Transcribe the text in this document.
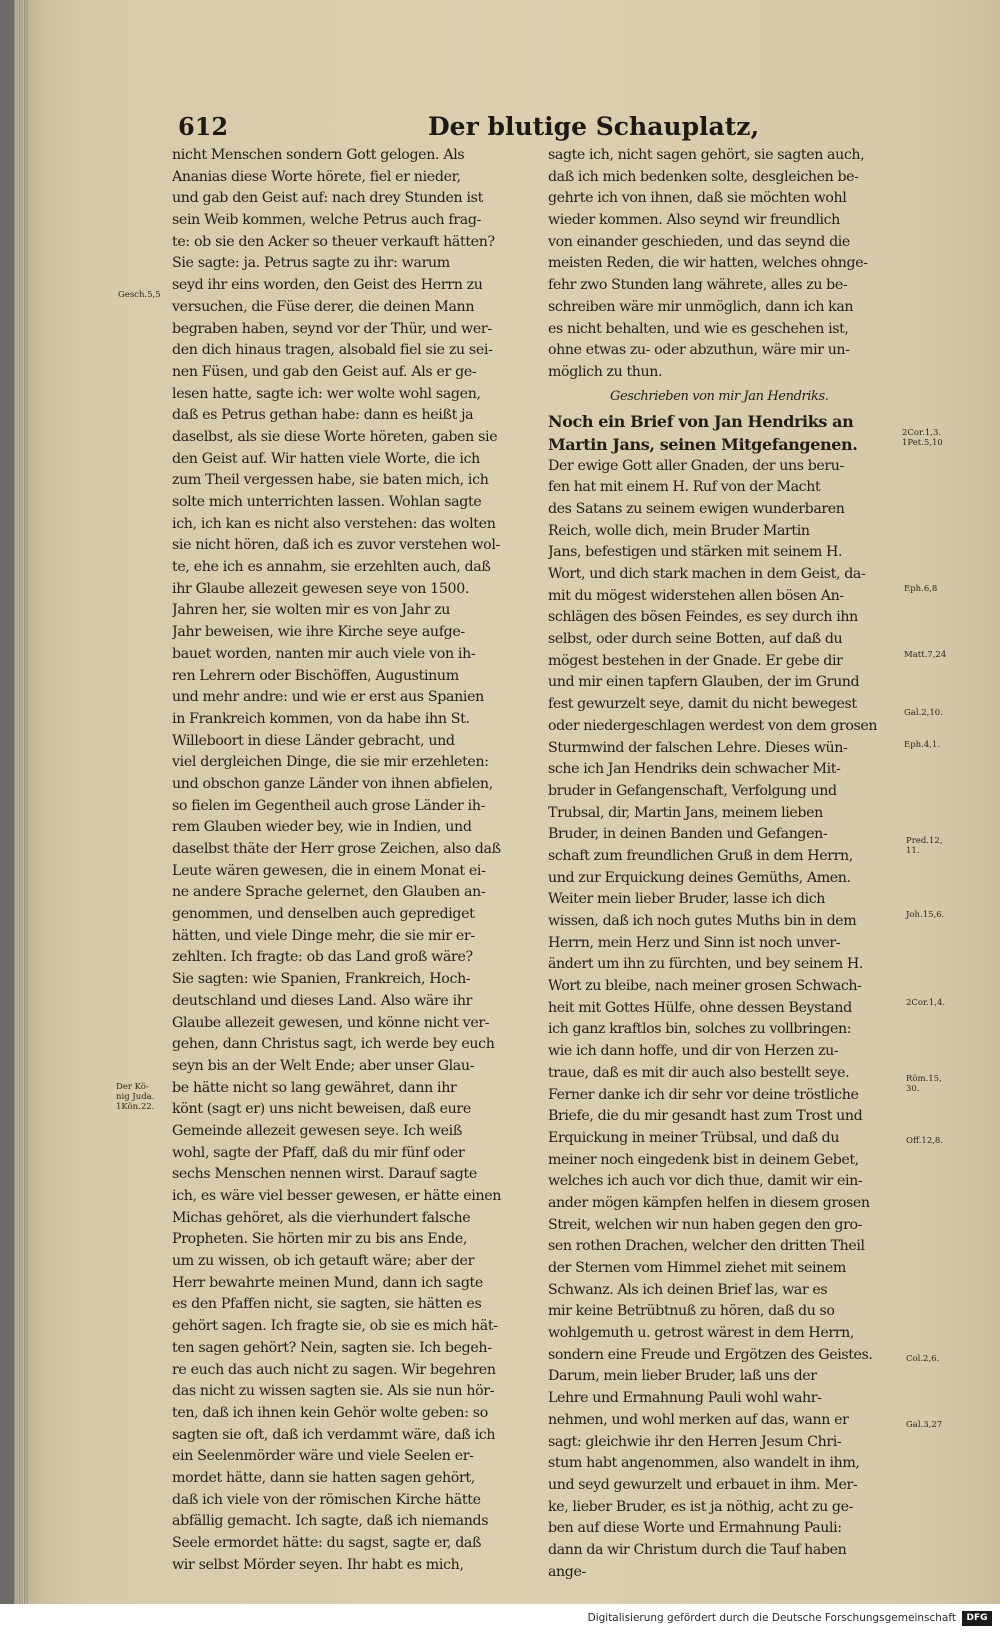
612	Der blutige Schauplatz,
nicht Menschen sondern Gott gelogen. Als
Ananias diese Worte hörete, fiel er nieder,
und gab den Geist auf: nach drey Stunden ist
sein Weib kommen, welche Petrus auch frag-
te: ob sie den Acker so theuer verkauft hätten?
Sie sagte: ja. Petrus sagte zu ihr: warum
seyd ihr eins worden, den Geist des Herrn zu
versuchen, die Füse derer, die deinen Mann
begraben haben, seynd vor der Thür, und wer-
den dich hinaus tragen, alsobald fiel sie zu sei-
nen Füsen, und gab den Geist auf. Als er ge-
lesen hatte, sagte ich: wer wolte wohl sagen,
daß es Petrus gethan habe: dann es heißt ja
daselbst, als sie diese Worte höreten, gaben sie
den Geist auf. Wir hatten viele Worte, die ich
zum Theil vergessen habe, sie baten mich, ich
solte mich unterrichten lassen. Wohlan sagte
ich, ich kan es nicht also verstehen: das wolten
sie nicht hören, daß ich es zuvor verstehen wol-
te, ehe ich es annahm, sie erzehlten auch, daß
ihr Glaube allezeit gewesen seye von 1500.
Jahren her, sie wolten mir es von Jahr zu
Jahr beweisen, wie ihre Kirche seye aufge-
bauet worden, nanten mir auch viele von ih-
ren Lehrern oder Bischöffen, Augustinum
und mehr andre: und wie er erst aus Spanien
in Frankreich kommen, von da habe ihn St.
Willeboort in diese Länder gebracht, und
viel dergleichen Dinge, die sie mir erzehleten:
und obschon ganze Länder von ihnen abfielen,
so fielen im Gegentheil auch grose Länder ih-
rem Glauben wieder bey, wie in Indien, und
daselbst thäte der Herr grose Zeichen, also daß
Leute wären gewesen, die in einem Monat ei-
ne andere Sprache gelernet, den Glauben an-
genommen, und denselben auch geprediget
hätten, und viele Dinge mehr, die sie mir er-
zehlten. Ich fragte: ob das Land groß wäre?
Sie sagten: wie Spanien, Frankreich, Hoch-
deutschland und dieses Land. Also wäre ihr
Glaube allezeit gewesen, und könne nicht ver-
gehen, dann Christus sagt, ich werde bey euch
seyn bis an der Welt Ende; aber unser Glau-
be hätte nicht so lang gewähret, dann ihr
könt (sagt er) uns nicht beweisen, daß eure
Gemeinde allezeit gewesen seye. Ich weiß
wohl, sagte der Pfaff, daß du mir fünf oder
sechs Menschen nennen wirst. Darauf sagte
ich, es wäre viel besser gewesen, er hätte einen
Michas gehöret, als die vierhundert falsche
Propheten. Sie hörten mir zu bis ans Ende,
um zu wissen, ob ich getauft wäre; aber der
Herr bewahrte meinen Mund, dann ich sagte
es den Pfaffen nicht, sie sagten, sie hätten es
gehört sagen. Ich fragte sie, ob sie es mich hät-
ten sagen gehört? Nein, sagten sie. Ich begeh-
re euch das auch nicht zu sagen. Wir begehren
das nicht zu wissen sagten sie. Als sie nun hör-
ten, daß ich ihnen kein Gehör wolte geben: so
sagten sie oft, daß ich verdammt wäre, daß ich
ein Seelenmörder wäre und viele Seelen er-
mordet hätte, dann sie hatten sagen gehört,
daß ich viele von der römischen Kirche hätte
abfällig gemacht. Ich sagte, daß ich niemands
Seele ermordet hätte: du sagst, sagte er, daß
wir selbst Mörder seyen. Ihr habt es mich,
sagte ich, nicht sagen gehört, sie sagten auch,
daß ich mich bedenken solte, desgleichen be-
gehrte ich von ihnen, daß sie möchten wohl
wieder kommen. Also seynd wir freundlich
von einander geschieden, und das seynd die
meisten Reden, die wir hatten, welches ohnge-
fehr zwo Stunden lang währete, alles zu be-
schreiben wäre mir unmöglich, dann ich kan
es nicht behalten, und wie es geschehen ist,
ohne etwas zu- oder abzuthun, wäre mir un-
möglich zu thun.
Geschrieben von mir Jan Hendriks.
Noch ein Brief von Jan Hendriks an
Martin Jans, seinen Mitgefangenen.
Der ewige Gott aller Gnaden, der uns beru-
fen hat mit einem H. Ruf von der Macht
des Satans zu seinem ewigen wunderbaren
Reich, wolle dich, mein Bruder Martin
Jans, befestigen und stärken mit seinem H.
Wort, und dich stark machen in dem Geist, da-
mit du mögest widerstehen allen bösen An-
schlägen des bösen Feindes, es sey durch ihn
selbst, oder durch seine Botten, auf daß du
mögest bestehen in der Gnade. Er gebe dir
und mir einen tapfern Glauben, der im Grund
fest gewurzelt seye, damit du nicht bewegest
oder niedergeschlagen werdest von dem grosen
Sturmwind der falschen Lehre. Dieses wün-
sche ich Jan Hendriks dein schwacher Mit-
bruder in Gefangenschaft, Verfolgung und
Trubsal, dir, Martin Jans, meinem lieben
Bruder, in deinen Banden und Gefangen-
schaft zum freundlichen Gruß in dem Herrn,
und zur Erquickung deines Gemüths, Amen.
Weiter mein lieber Bruder, lasse ich dich
wissen, daß ich noch gutes Muths bin in dem
Herrn, mein Herz und Sinn ist noch unver-
ändert um ihn zu fürchten, und bey seinem H.
Wort zu bleibe, nach meiner grosen Schwach-
heit mit Gottes Hülfe, ohne dessen Beystand
ich ganz kraftlos bin, solches zu vollbringen:
wie ich dann hoffe, und dir von Herzen zu-
traue, daß es mit dir auch also bestellt seye.
Ferner danke ich dir sehr vor deine tröstliche
Briefe, die du mir gesandt hast zum Trost und
Erquickung in meiner Trübsal, und daß du
meiner noch eingedenk bist in deinem Gebet,
welches ich auch vor dich thue, damit wir ein-
ander mögen kämpfen helfen in diesem grosen
Streit, welchen wir nun haben gegen den gro-
sen rothen Drachen, welcher den dritten Theil
der Sternen vom Himmel ziehet mit seinem
Schwanz. Als ich deinen Brief las, war es
mir keine Betrübtnuß zu hören, daß du so
wohlgemuth u. getrost wärest in dem Herrn,
sondern eine Freude und Ergötzen des Geistes.
Darum, mein lieber Bruder, laß uns der
Lehre und Ermahnung Pauli wohl wahr-
nehmen, und wohl merken auf das, wann er
sagt: gleichwie ihr den Herren Jesum Chri-
stum habt angenommen, also wandelt in ihm,
und seyd gewurzelt und erbauet in ihm. Mer-
ke, lieber Bruder, es ist ja nöthig, acht zu ge-
ben auf diese Worte und Ermahnung Pauli:
dann da wir Christum durch die Tauf haben
ange-
Gesch.5,5
Der Kö-
nig Juda.
1Kön.22.
2Cor.1,3.
1Pet.5,10
Eph.6,8
Matt.7,24
Gal.2,10.
Eph.4,1.
Pred.12,
11.
Joh.15,6.
2Cor.1,4.
Röm.15,
30.
Off.12,8.
Col.2,6.
Gal.3,27
Digitalisierung gefördert durch die Deutsche Forschungsgemeinschaft	DFG
